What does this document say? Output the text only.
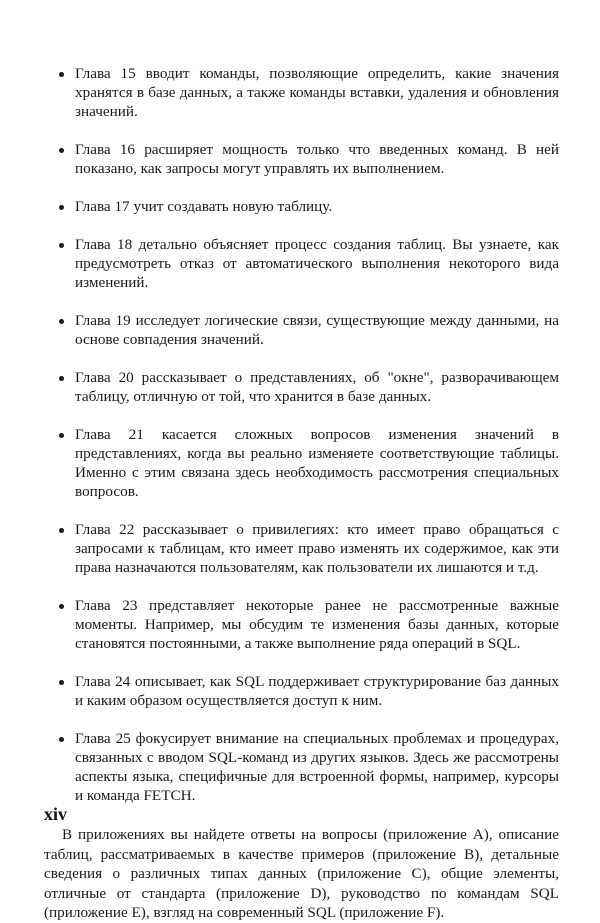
Глава 15 вводит команды, позволяющие определить, какие значения хранятся в базе данных, а также команды вставки, удаления и обновления значений.
Глава 16 расширяет мощность только что введенных команд. В ней показано, как запросы могут управлять их выполнением.
Глава 17 учит создавать новую таблицу.
Глава 18 детально объясняет процесс создания таблиц. Вы узнаете, как предусмотреть отказ от автоматического выполнения некоторого вида изменений.
Глава 19 исследует логические связи, существующие между данными, на основе совпадения значений.
Глава 20 рассказывает о представлениях, об "окне", разворачивающем таблицу, отличную от той, что хранится в базе данных.
Глава 21 касается сложных вопросов изменения значений в представлениях, когда вы реально изменяете соответствующие таблицы. Именно с этим связана здесь необходимость рассмотрения специальных вопросов.
Глава 22 рассказывает о привилегиях: кто имеет право обращаться с запросами к таблицам, кто имеет право изменять их содержимое, как эти права назначаются пользователям, как пользователи их лишаются и т.д.
Глава 23 представляет некоторые ранее не рассмотренные важные моменты. Например, мы обсудим те изменения базы данных, которые становятся постоянными, а также выполнение ряда операций в SQL.
Глава 24 описывает, как SQL поддерживает структурирование баз данных и каким образом осуществляется доступ к ним.
Глава 25 фокусирует внимание на специальных проблемах и процедурах, связанных с вводом SQL-команд из других языков. Здесь же рассмотрены аспекты языка, специфичные для встроенной формы, например, курсоры и команда FETCH.

В приложениях вы найдете ответы на вопросы (приложение A), описание таблиц, рассматриваемых в качестве примеров (приложение B), детальные сведения о различных типах данных (приложение C), общие элементы, отличные от стандарта (приложение D), руководство по командам SQL (приложение E), взгляд на современный SQL (приложение F).

xiv
